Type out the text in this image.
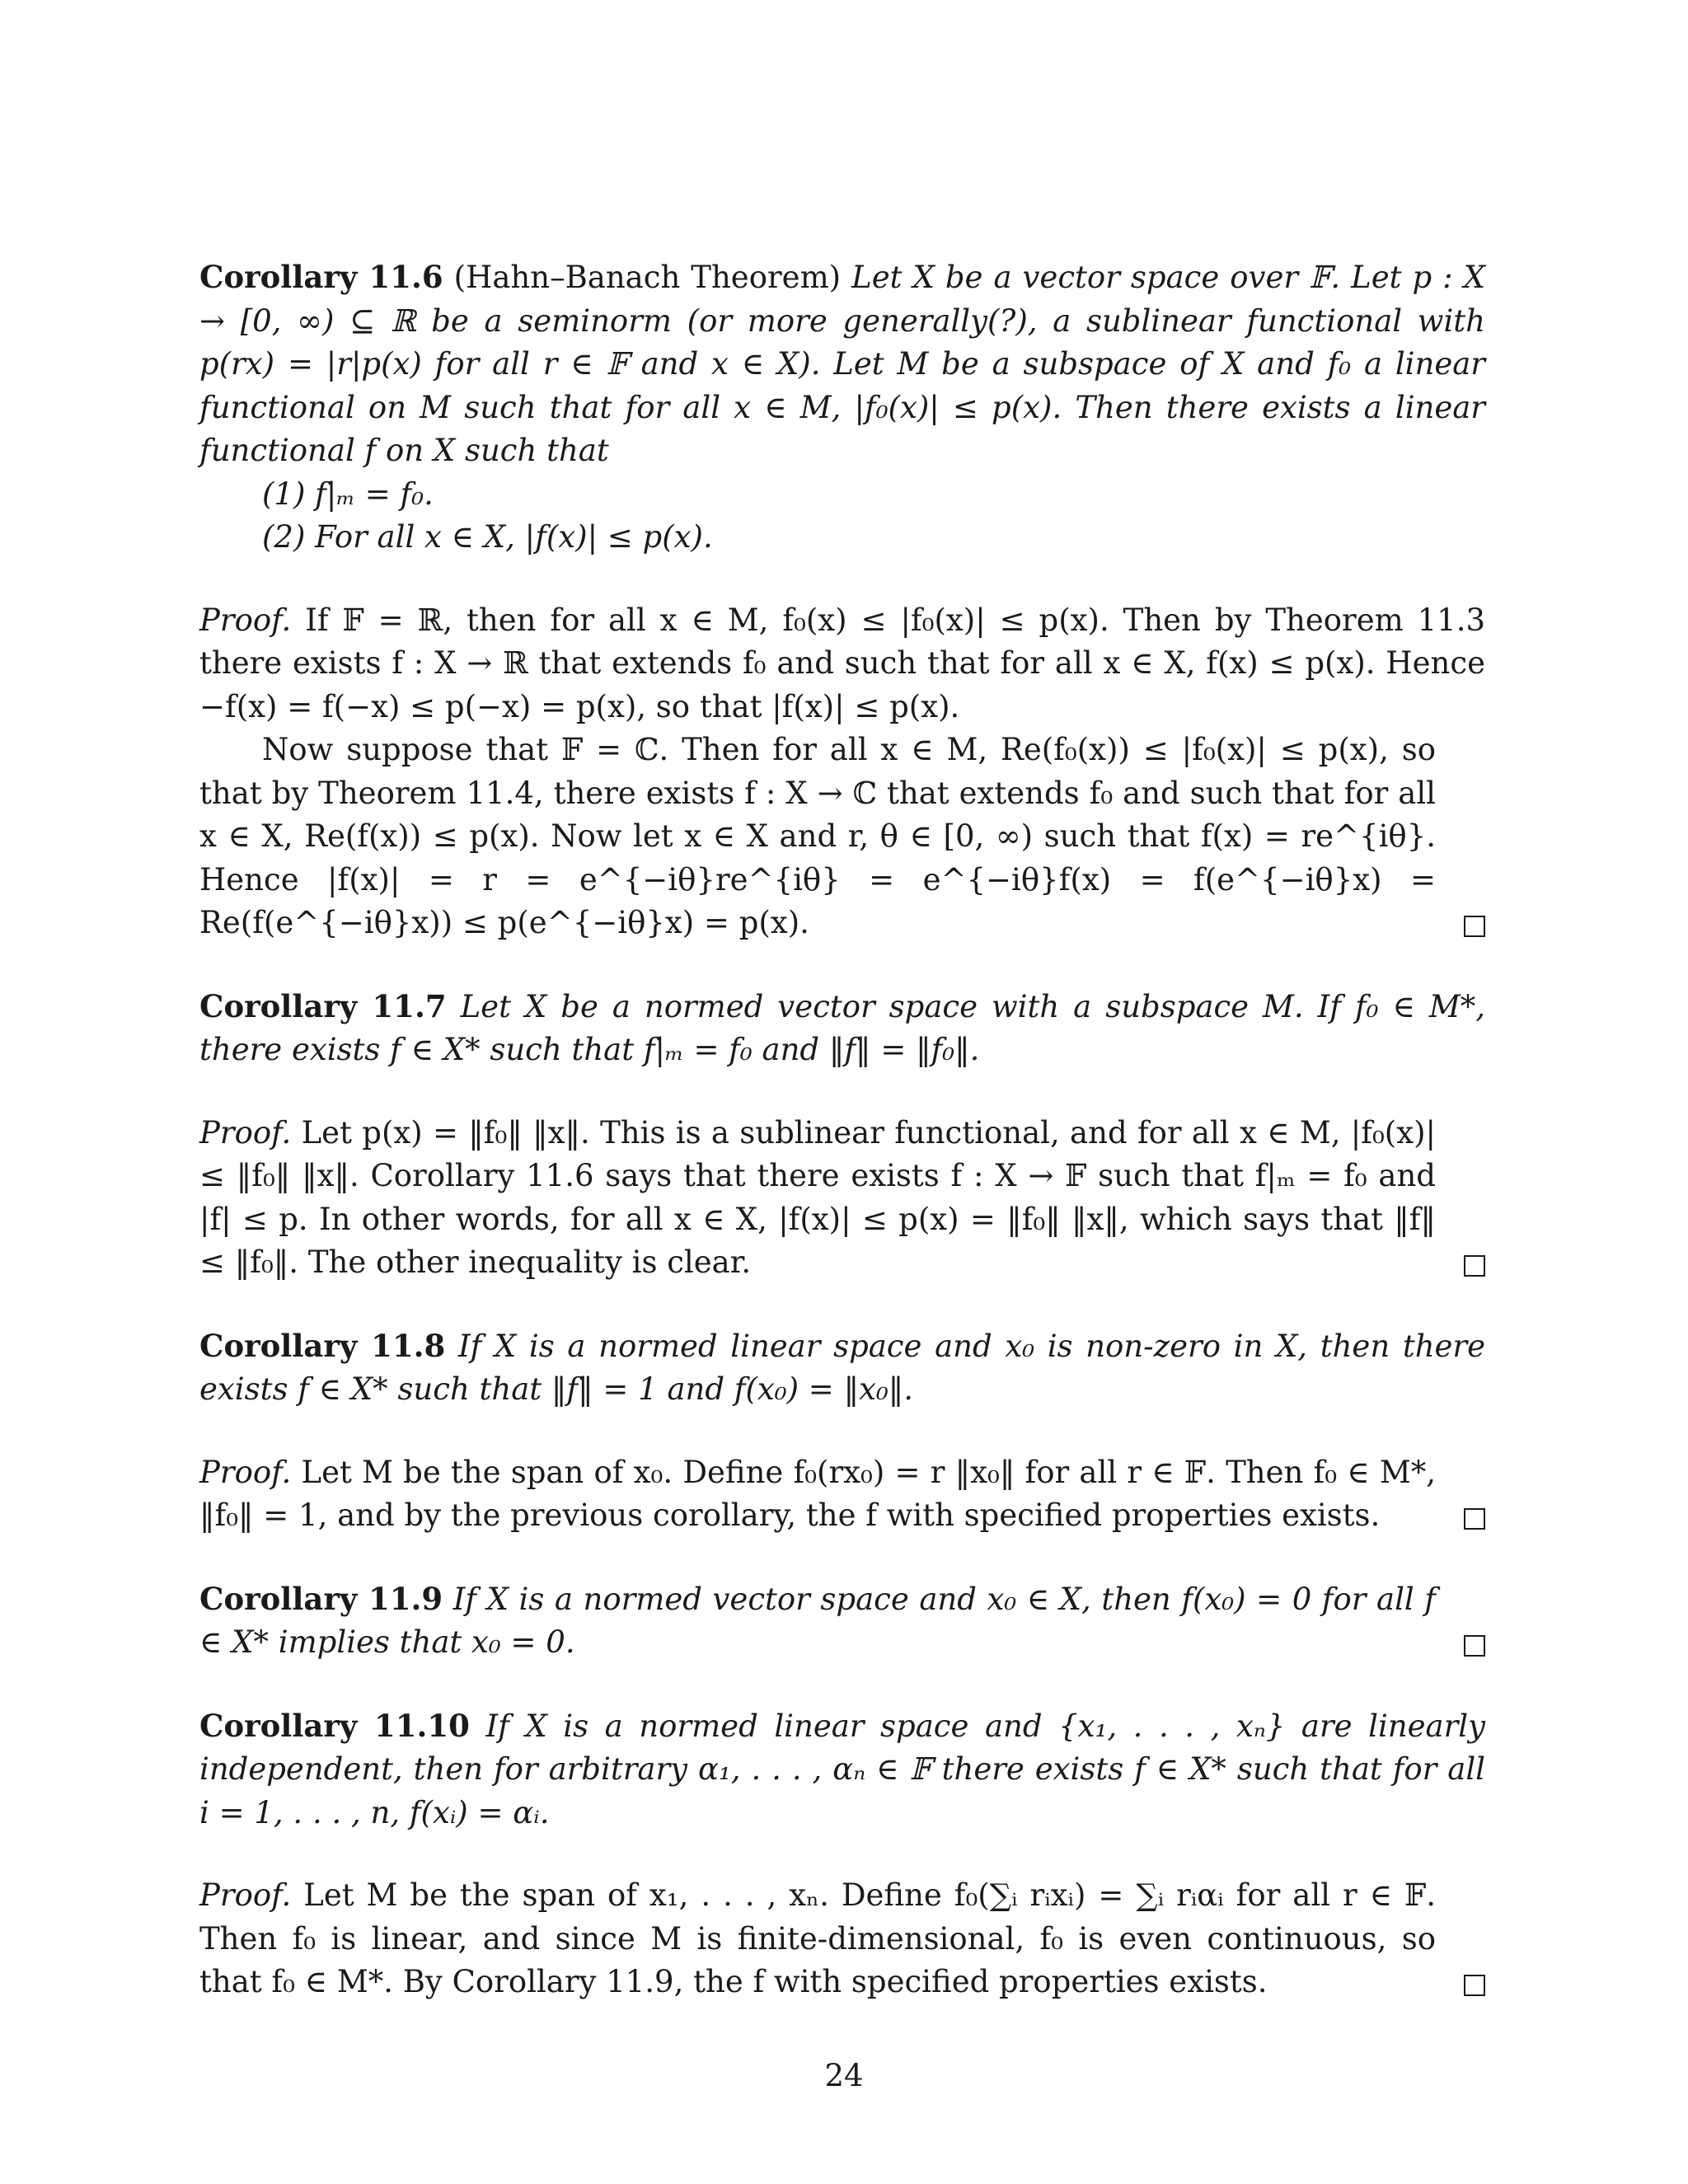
Corollary 11.6 (Hahn–Banach Theorem) Let X be a vector space over 𝔽. Let p : X → [0, ∞) ⊆ ℝ be a seminorm (or more generally(?), a sublinear functional with p(rx) = |r|p(x) for all r ∈ 𝔽 and x ∈ X). Let M be a subspace of X and f₀ a linear functional on M such that for all x ∈ M, |f₀(x)| ≤ p(x). Then there exists a linear functional f on X such that

(1) f|ₘ = f₀.
(2) For all x ∈ X, |f(x)| ≤ p(x).

Proof. If 𝔽 = ℝ, then for all x ∈ M, f₀(x) ≤ |f₀(x)| ≤ p(x). Then by Theorem 11.3 there exists f : X → ℝ that extends f₀ and such that for all x ∈ X, f(x) ≤ p(x). Hence −f(x) = f(−x) ≤ p(−x) = p(x), so that |f(x)| ≤ p(x).

Now suppose that 𝔽 = ℂ. Then for all x ∈ M, Re(f₀(x)) ≤ |f₀(x)| ≤ p(x), so that by Theorem 11.4, there exists f : X → ℂ that extends f₀ and such that for all x ∈ X, Re(f(x)) ≤ p(x). Now let x ∈ X and r, θ ∈ [0, ∞) such that f(x) = re^{iθ}. Hence |f(x)| = r = e^{−iθ}re^{iθ} = e^{−iθ}f(x) = f(e^{−iθ}x) = Re(f(e^{−iθ}x)) ≤ p(e^{−iθ}x) = p(x).

Corollary 11.7 Let X be a normed vector space with a subspace M. If f₀ ∈ M*, there exists f ∈ X* such that f|ₘ = f₀ and ‖f‖ = ‖f₀‖.

Proof. Let p(x) = ‖f₀‖ ‖x‖. This is a sublinear functional, and for all x ∈ M, |f₀(x)| ≤ ‖f₀‖ ‖x‖. Corollary 11.6 says that there exists f : X → 𝔽 such that f|ₘ = f₀ and |f| ≤ p. In other words, for all x ∈ X, |f(x)| ≤ p(x) = ‖f₀‖ ‖x‖, which says that ‖f‖ ≤ ‖f₀‖. The other inequality is clear.

Corollary 11.8 If X is a normed linear space and x₀ is non-zero in X, then there exists f ∈ X* such that ‖f‖ = 1 and f(x₀) = ‖x₀‖.

Proof. Let M be the span of x₀. Define f₀(rx₀) = r ‖x₀‖ for all r ∈ 𝔽. Then f₀ ∈ M*, ‖f₀‖ = 1, and by the previous corollary, the f with specified properties exists.

Corollary 11.9 If X is a normed vector space and x₀ ∈ X, then f(x₀) = 0 for all f ∈ X* implies that x₀ = 0.

Corollary 11.10 If X is a normed linear space and {x₁, . . . , xₙ} are linearly independent, then for arbitrary α₁, . . . , αₙ ∈ 𝔽 there exists f ∈ X* such that for all i = 1, . . . , n, f(xᵢ) = αᵢ.

Proof. Let M be the span of x₁, . . . , xₙ. Define f₀(∑ᵢ rᵢxᵢ) = ∑ᵢ rᵢαᵢ for all r ∈ 𝔽. Then f₀ is linear, and since M is finite-dimensional, f₀ is even continuous, so that f₀ ∈ M*. By Corollary 11.9, the f with specified properties exists.

24
